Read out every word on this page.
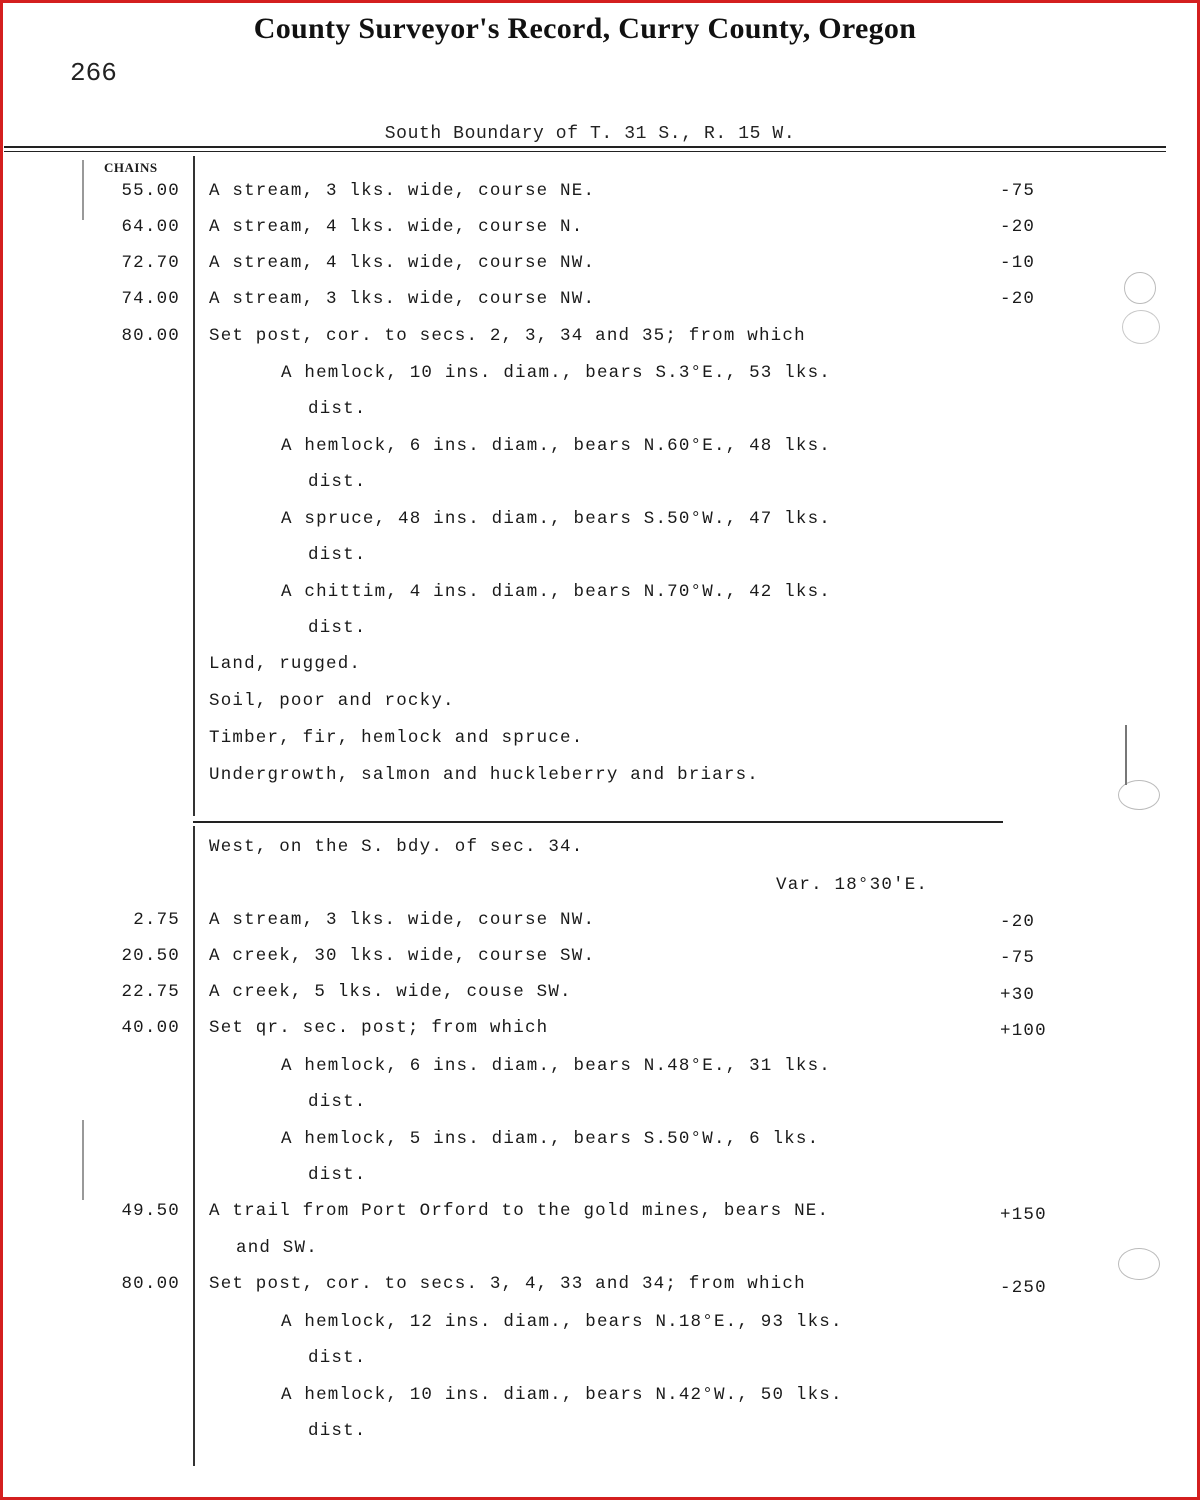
County Surveyor's Record, Curry County, Oregon
266
South Boundary of T. 31 S., R. 15 W.
CHAINS
55.00 A stream, 3 lks. wide, course NE.	-75
64.00 A stream, 4 lks. wide, course N.	-20
72.70 A stream, 4 lks. wide, course NW.	-10
74.00 A stream, 3 lks. wide, course NW.	-20
80.00 Set post, cor. to secs. 2, 3, 34 and 35; from which
A hemlock, 10 ins. diam., bears S.3°E., 53 lks.
dist.
A hemlock, 6 ins. diam., bears N.60°E., 48 lks.
dist.
A spruce, 48 ins. diam., bears S.50°W., 47 lks.
dist.
A chittim, 4 ins. diam., bears N.70°W., 42 lks.
dist.
Land, rugged.
Soil, poor and rocky.
Timber, fir, hemlock and spruce.
Undergrowth, salmon and huckleberry and briars.
West, on the S. bdy. of sec. 34.
Var. 18°30'E.
2.75 A stream, 3 lks. wide, course NW.	-20
20.50 A creek, 30 lks. wide, course SW.	-75
22.75 A creek, 5 lks. wide, couse SW.	+30
40.00 Set qr. sec. post; from which	+100
A hemlock, 6 ins. diam., bears N.48°E., 31 lks.
dist.
A hemlock, 5 ins. diam., bears S.50°W., 6 lks.
dist.
49.50 A trail from Port Orford to the gold mines, bears NE.	+150
and SW.
80.00 Set post, cor. to secs. 3, 4, 33 and 34; from which	-250
A hemlock, 12 ins. diam., bears N.18°E., 93 lks.
dist.
A hemlock, 10 ins. diam., bears N.42°W., 50 lks.
dist.
